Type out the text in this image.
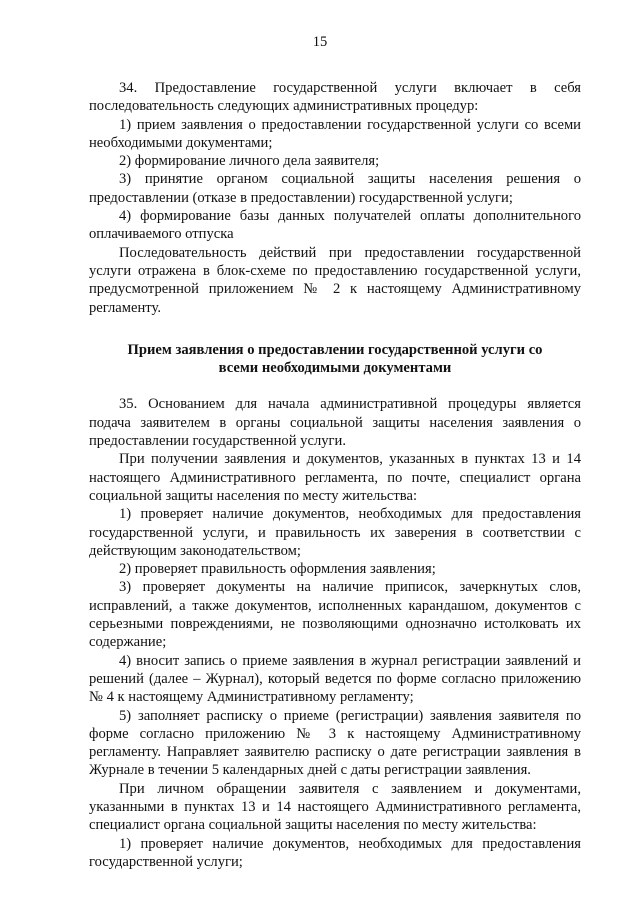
15

34. Предоставление государственной услуги включает в себя последовательность следующих административных процедур:

1) прием заявления о предоставлении государственной услуги со всеми необходимыми документами;

2) формирование личного дела заявителя;

3) принятие органом социальной защиты населения решения о предоставлении (отказе в предоставлении) государственной услуги;

4) формирование базы данных получателей оплаты дополнительного оплачиваемого отпуска

Последовательность действий при предоставлении государственной услуги отражена в блок-схеме по предоставлению государственной услуги, предусмотренной приложением № 2 к настоящему Административному регламенту.

Прием заявления о предоставлении государственной услуги со
всеми необходимыми документами

35. Основанием для начала административной процедуры является подача заявителем в органы социальной защиты населения заявления о предоставлении государственной услуги.

При получении заявления и документов, указанных в пунктах 13 и 14 настоящего Административного регламента, по почте, специалист органа социальной защиты населения по месту жительства:

1) проверяет наличие документов, необходимых для предоставления государственной услуги, и правильность их заверения в соответствии с действующим законодательством;

2) проверяет правильность оформления заявления;

3) проверяет документы на наличие приписок, зачеркнутых слов, исправлений, а также документов, исполненных карандашом, документов с серьезными повреждениями, не позволяющими однозначно истолковать их содержание;

4) вносит запись о приеме заявления в журнал регистрации заявлений и решений (далее – Журнал), который ведется по форме согласно приложению № 4 к настоящему Административному регламенту;

5) заполняет расписку о приеме (регистрации) заявления заявителя по форме согласно приложению № 3 к настоящему Административному регламенту. Направляет заявителю расписку о дате регистрации заявления в Журнале в течении 5 календарных дней с даты регистрации заявления.

При личном обращении заявителя с заявлением и документами, указанными в пунктах 13 и 14 настоящего Административного регламента, специалист органа социальной защиты населения по месту жительства:

1) проверяет наличие документов, необходимых для предоставления государственной услуги;
